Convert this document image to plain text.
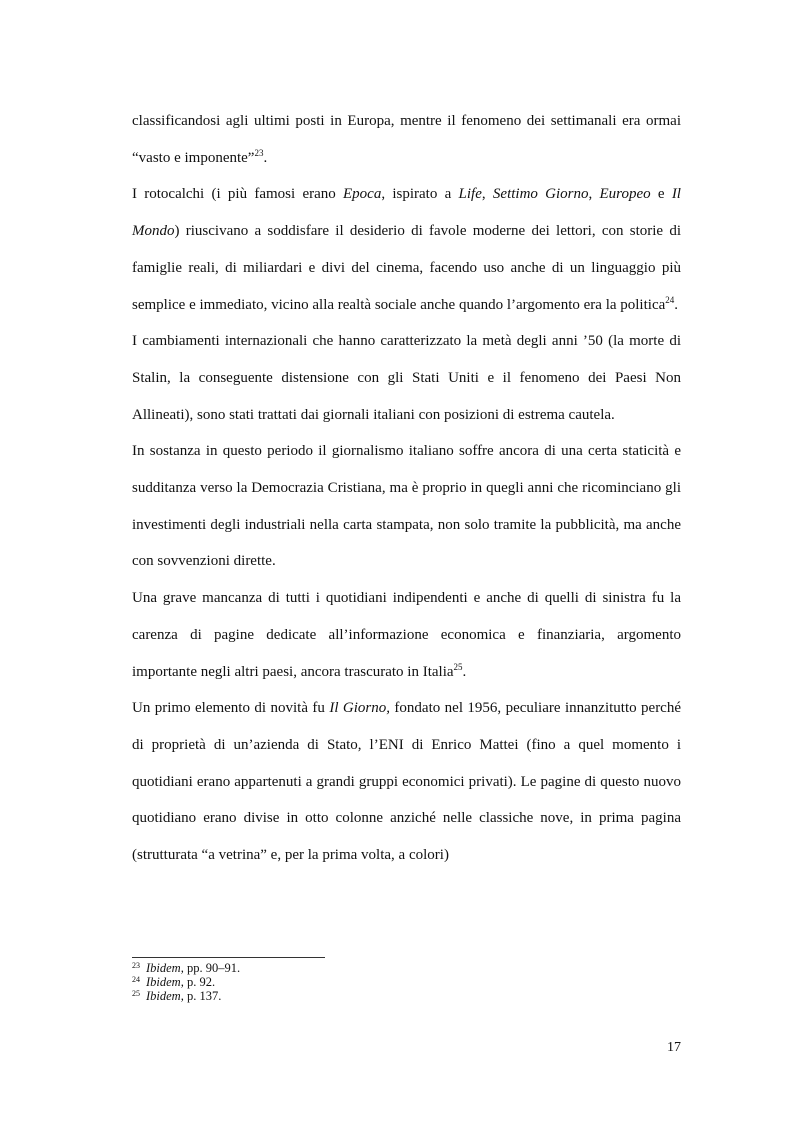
classificandosi agli ultimi posti in Europa, mentre il fenomeno dei settimanali era ormai “vasto e imponente”$^{23}$.

I rotocalchi (i più famosi erano Epoca, ispirato a Life, Settimo Giorno, Europeo e Il Mondo) riuscivano a soddisfare il desiderio di favole moderne dei lettori, con storie di famiglie reali, di miliardari e divi del cinema, facendo uso anche di un linguaggio più semplice e immediato, vicino alla realtà sociale anche quando l’argomento era la politica$^{24}$.

I cambiamenti internazionali che hanno caratterizzato la metà degli anni ’50 (la morte di Stalin, la conseguente distensione con gli Stati Uniti e il fenomeno dei Paesi Non Allineati), sono stati trattati dai giornali italiani con posizioni di estrema cautela.

In sostanza in questo periodo il giornalismo italiano soffre ancora di una certa staticità e sudditanza verso la Democrazia Cristiana, ma è proprio in quegli anni che ricominciano gli investimenti degli industriali nella carta stampata, non solo tramite la pubblicità, ma anche con sovvenzioni dirette.

Una grave mancanza di tutti i quotidiani indipendenti e anche di quelli di sinistra fu la carenza di pagine dedicate all’informazione economica e finanziaria, argomento importante negli altri paesi, ancora trascurato in Italia$^{25}$.

Un primo elemento di novità fu Il Giorno, fondato nel 1956, peculiare innanzitutto perché di proprietà di un’azienda di Stato, l’ENI di Enrico Mattei (fino a quel momento i quotidiani erano appartenuti a grandi gruppi economici privati). Le pagine di questo nuovo quotidiano erano divise in otto colonne anziché nelle classiche nove, in prima pagina (strutturata “a vetrina” e, per la prima volta, a colori)

$^{23}$ Ibidem, pp. 90–91.
$^{24}$ Ibidem, p. 92.
$^{25}$ Ibidem, p. 137.
17
